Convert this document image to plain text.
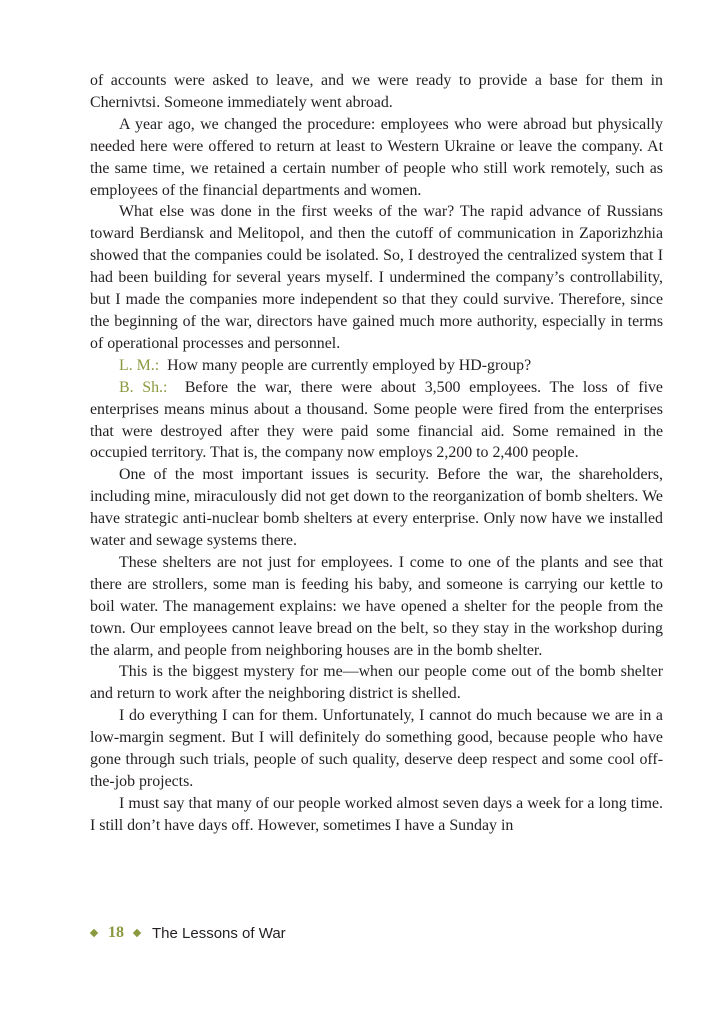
of accounts were asked to leave, and we were ready to provide a base for them in Chernivtsi. Someone immediately went abroad.

A year ago, we changed the procedure: employees who were abroad but physically needed here were offered to return at least to Western Ukraine or leave the company. At the same time, we retained a certain number of people who still work remotely, such as employees of the financial departments and women.

What else was done in the first weeks of the war? The rapid advance of Russians toward Berdiansk and Melitopol, and then the cutoff of communication in Zaporizhzhia showed that the companies could be isolated. So, I destroyed the centralized system that I had been building for several years myself. I undermined the company’s controllability, but I made the companies more independent so that they could survive. Therefore, since the beginning of the war, directors have gained much more authority, especially in terms of operational processes and personnel.

L. M.: How many people are currently employed by HD-group?

B. Sh.: Before the war, there were about 3,500 employees. The loss of five enterprises means minus about a thousand. Some people were fired from the enterprises that were destroyed after they were paid some financial aid. Some remained in the occupied territory. That is, the company now employs 2,200 to 2,400 people.

One of the most important issues is security. Before the war, the shareholders, including mine, miraculously did not get down to the reorganization of bomb shelters. We have strategic anti-nuclear bomb shelters at every enterprise. Only now have we installed water and sewage systems there.

These shelters are not just for employees. I come to one of the plants and see that there are strollers, some man is feeding his baby, and someone is carrying our kettle to boil water. The management explains: we have opened a shelter for the people from the town. Our employees cannot leave bread on the belt, so they stay in the workshop during the alarm, and people from neighboring houses are in the bomb shelter.

This is the biggest mystery for me—when our people come out of the bomb shelter and return to work after the neighboring district is shelled.

I do everything I can for them. Unfortunately, I cannot do much because we are in a low-margin segment. But I will definitely do something good, because people who have gone through such trials, people of such quality, deserve deep respect and some cool off-the-job projects.

I must say that many of our people worked almost seven days a week for a long time. I still don’t have days off. However, sometimes I have a Sunday in

18 The Lessons of War
